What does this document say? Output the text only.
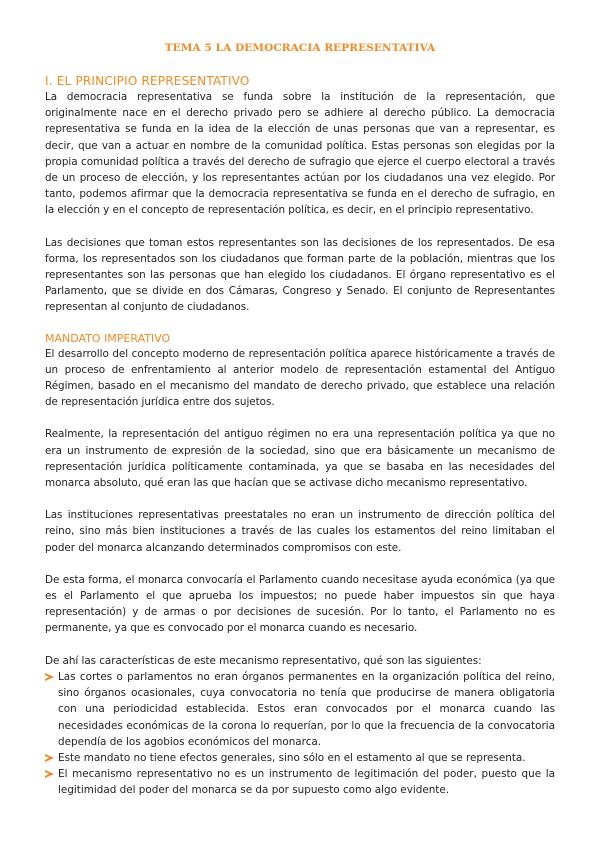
TEMA 5 LA DEMOCRACIA REPRESENTATIVA
I. EL PRINCIPIO REPRESENTATIVO

La democracia representativa se funda sobre la institución de la representación, que originalmente nace en el derecho privado pero se adhiere al derecho público. La democracia representativa se funda en la idea de la elección de unas personas que van a representar, es decir, que van a actuar en nombre de la comunidad política. Estas personas son elegidas por la propia comunidad política a través del derecho de sufragio que ejerce el cuerpo electoral a través de un proceso de elección, y los representantes actúan por los ciudadanos una vez elegido. Por tanto, podemos afirmar que la democracia representativa se funda en el derecho de sufragio, en la elección y en el concepto de representación política, es decir, en el principio representativo.

Las decisiones que toman estos representantes son las decisiones de los representados. De esa forma, los representados son los ciudadanos que forman parte de la población, mientras que los representantes son las personas que han elegido los ciudadanos. El órgano representativo es el Parlamento, que se divide en dos Cámaras, Congreso y Senado. El conjunto de Representantes representan al conjunto de ciudadanos.

MANDATO IMPERATIVO

El desarrollo del concepto moderno de representación política aparece históricamente a través de un proceso de enfrentamiento al anterior modelo de representación estamental del Antiguo Régimen, basado en el mecanismo del mandato de derecho privado, que establece una relación de representación jurídica entre dos sujetos.

Realmente, la representación del antiguo régimen no era una representación política ya que no era un instrumento de expresión de la sociedad, sino que era básicamente un mecanismo de representación jurídica políticamente contaminada, ya que se basaba en las necesidades del monarca absoluto, qué eran las que hacían que se activase dicho mecanismo representativo.

Las instituciones representativas preestatales no eran un instrumento de dirección política del reino, sino más bien instituciones a través de las cuales los estamentos del reino limitaban el poder del monarca alcanzando determinados compromisos con este.

De esta forma, el monarca convocaría el Parlamento cuando necesitase ayuda económica (ya que es el Parlamento el que aprueba los impuestos; no puede haber impuestos sin que haya representación) y de armas o por decisiones de sucesión. Por lo tanto, el Parlamento no es permanente, ya que es convocado por el monarca cuando es necesario.

De ahí las características de este mecanismo representativo, qué son las siguientes:

Las cortes o parlamentos no eran órganos permanentes en la organización política del reino, sino órganos ocasionales, cuya convocatoria no tenía que producirse de manera obligatoria con una periodicidad establecida. Estos eran convocados por el monarca cuando las necesidades económicas de la corona lo requerían, por lo que la frecuencia de la convocatoria dependía de los agobios económicos del monarca.
Este mandato no tiene efectos generales, sino sólo en el estamento al que se representa.
El mecanismo representativo no es un instrumento de legitimación del poder, puesto que la legitimidad del poder del monarca se da por supuesto como algo evidente.
